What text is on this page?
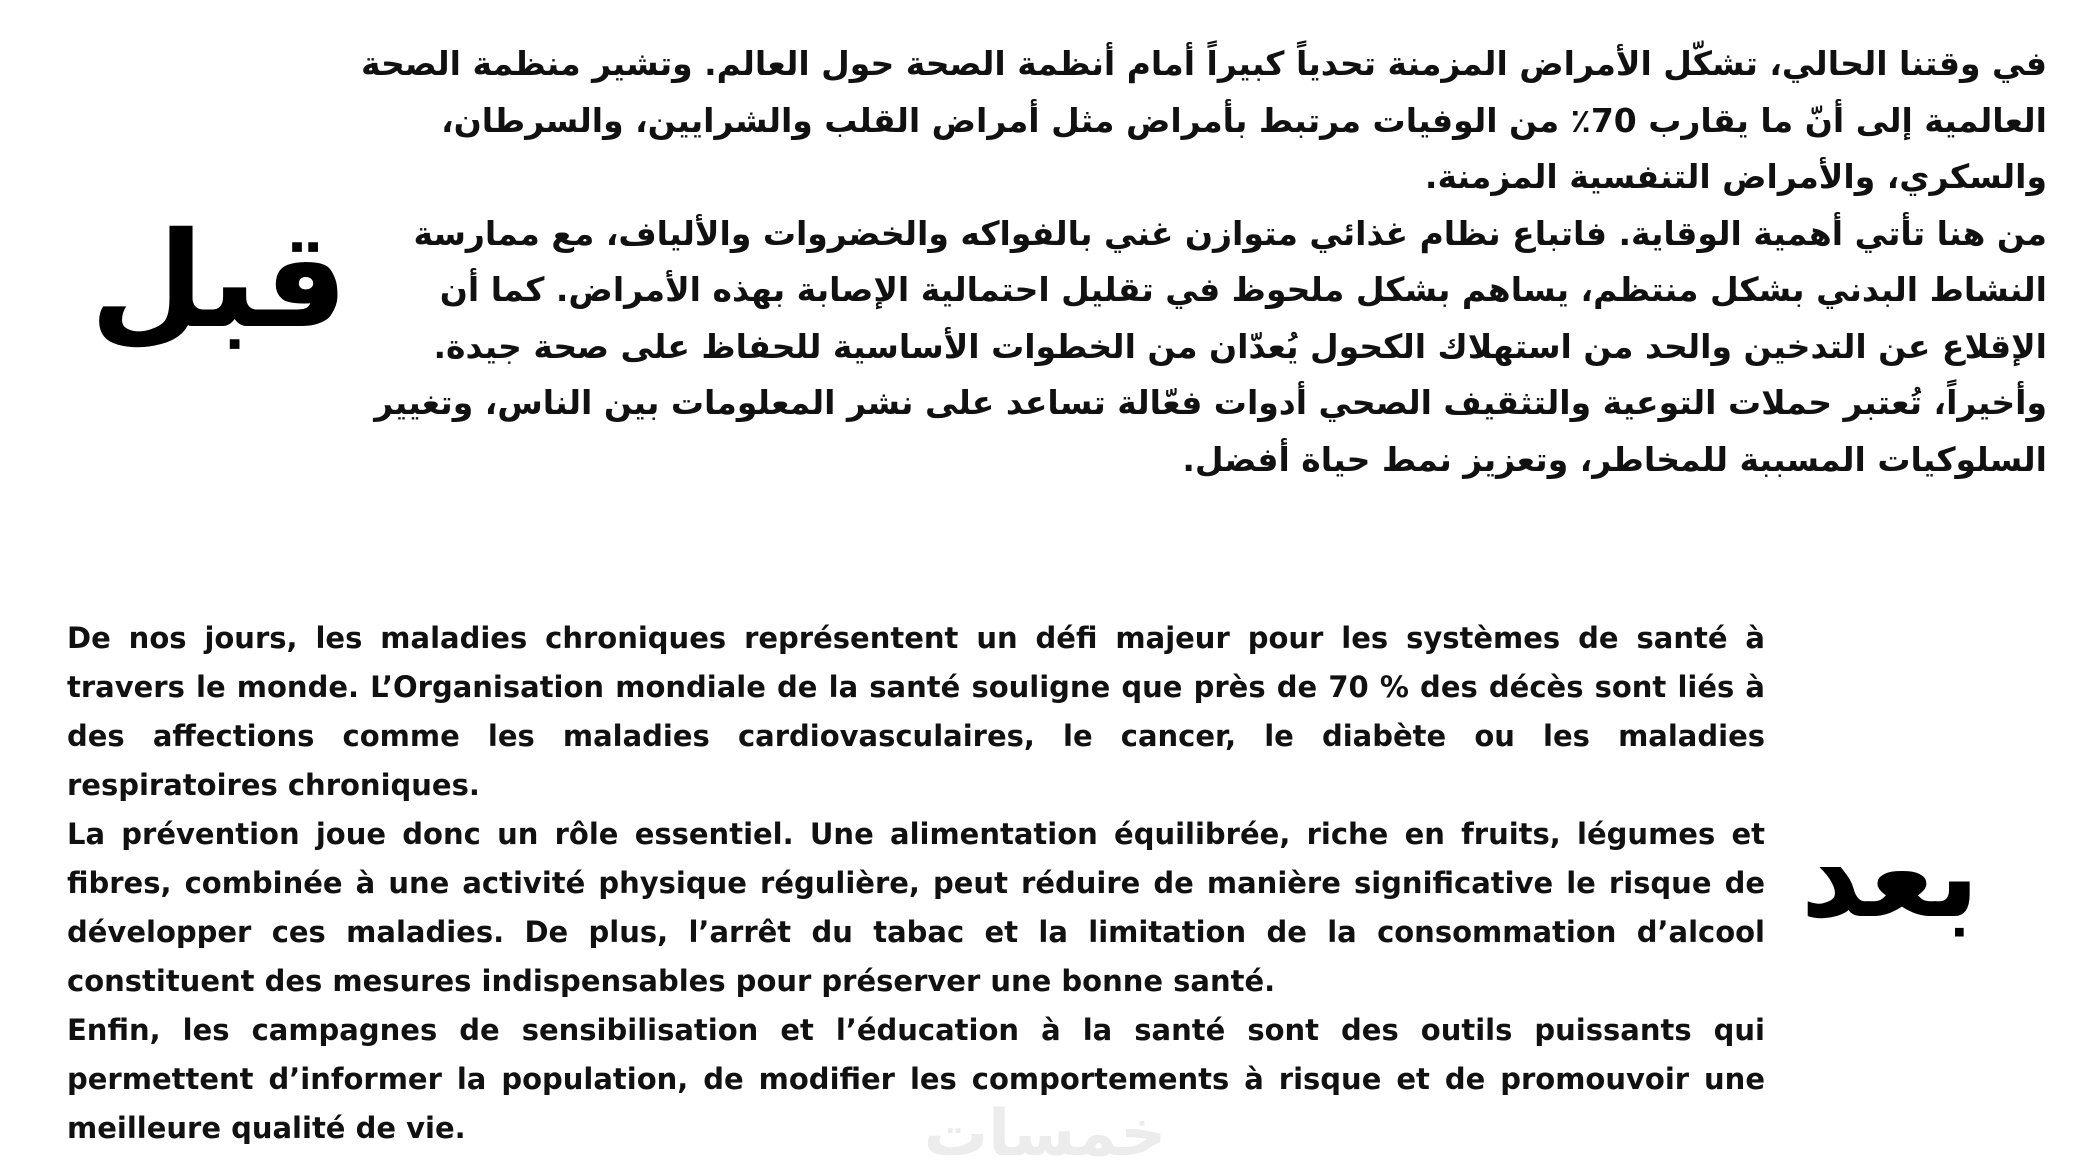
قبل

في وقتنا الحالي، تشكّل الأمراض المزمنة تحدياً كبيراً أمام أنظمة الصحة حول العالم. وتشير منظمة الصحة العالمية إلى أنّ ما يقارب 70٪ من الوفيات مرتبط بأمراض مثل أمراض القلب والشرايين، والسرطان، والسكري، والأمراض التنفسية المزمنة.

من هنا تأتي أهمية الوقاية. فاتباع نظام غذائي متوازن غني بالفواكه والخضروات والألياف، مع ممارسة النشاط البدني بشكل منتظم، يساهم بشكل ملحوظ في تقليل احتمالية الإصابة بهذه الأمراض. كما أن الإقلاع عن التدخين والحد من استهلاك الكحول يُعدّان من الخطوات الأساسية للحفاظ على صحة جيدة.

وأخيراً، تُعتبر حملات التوعية والتثقيف الصحي أدوات فعّالة تساعد على نشر المعلومات بين الناس، وتغيير السلوكيات المسببة للمخاطر، وتعزيز نمط حياة أفضل.

De nos jours, les maladies chroniques représentent un défi majeur pour les systèmes de santé à travers le monde. L’Organisation mondiale de la santé souligne que près de 70 % des décès sont liés à des affections comme les maladies cardiovasculaires, le cancer, le diabète ou les maladies respiratoires chroniques.

La prévention joue donc un rôle essentiel. Une alimentation équilibrée, riche en fruits, légumes et fibres, combinée à une activité physique régulière, peut réduire de manière significative le risque de développer ces maladies. De plus, l’arrêt du tabac et la limitation de la consommation d’alcool constituent des mesures indispensables pour préserver une bonne santé.

Enfin, les campagnes de sensibilisation et l’éducation à la santé sont des outils puissants qui permettent d’informer la population, de modifier les comportements à risque et de promouvoir une meilleure qualité de vie.

بعد
خمسات
